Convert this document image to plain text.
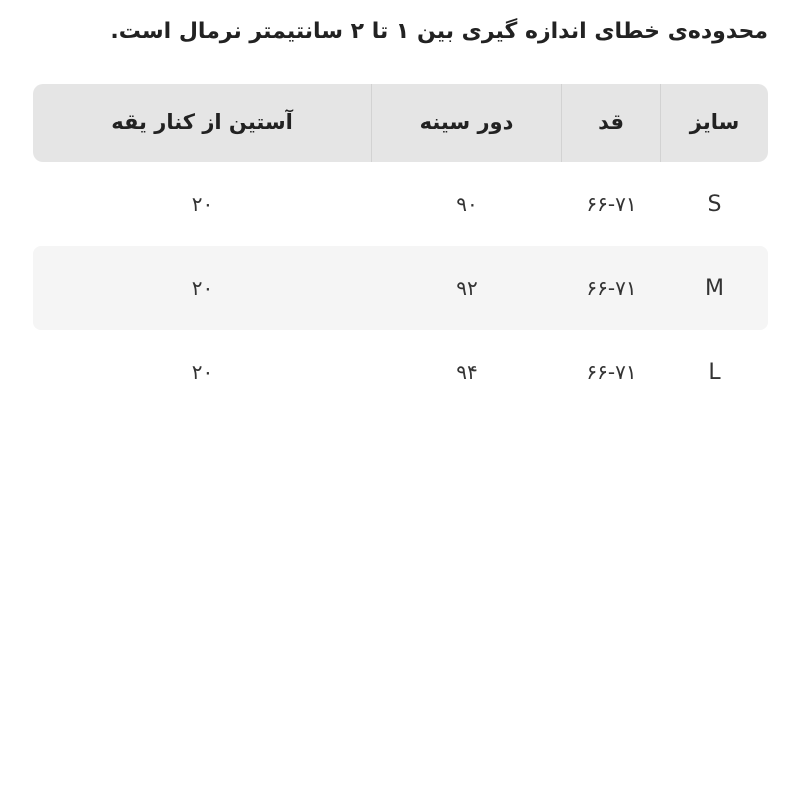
محدوده‌ی خطای اندازه گیری بین ۱ تا ۲ سانتیمتر نرمال است.
سایز
قد
دور سینه
آستین از کنار یقه
S
۶۶-۷۱
۹۰
۲۰
M
۶۶-۷۱
۹۲
۲۰
L
۶۶-۷۱
۹۴
۲۰
